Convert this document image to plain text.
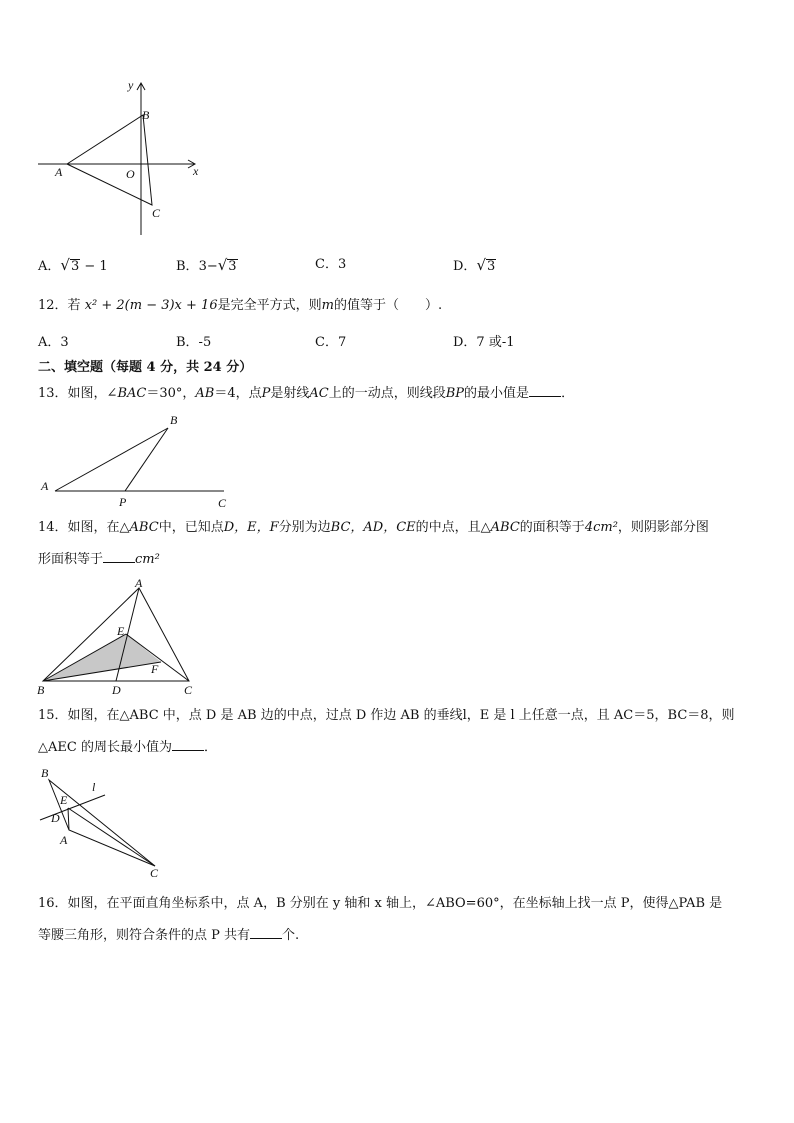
y
x
B
A	O
C
A．√3 − 1	B．3−√3	C．3	D．√3
12．若 x² + 2(m − 3)x + 16是完全平方式，则m的值等于（　　）.
A．3	B．-5	C．7	D．7 或-1
二、填空题（每题 4 分，共 24 分）
13．如图，∠BAC＝30°，AB＝4，点P是射线AC上的一动点，则线段BP的最小值是 ．
A
B
P	C
14．如图，在△ABC中，已知点D，E，F分别为边BC，AD，CE的中点，且△ABC的面积等于4cm²，则阴影部分图
形面积等于 cm²
A
E
F
B	D	C
15．如图，在△ABC 中，点 D 是 AB 边的中点，过点 D 作边 AB 的垂线l，E 是 l 上任意一点，且 AC＝5，BC＝8，则
△AEC 的周长最小值为 ．
B
l
E
D
A
C
16．如图，在平面直角坐标系中，点 A，B 分别在 y 轴和 x 轴上，∠ABO=60°，在坐标轴上找一点 P，使得△PAB 是
等腰三角形，则符合条件的点 P 共有 个.
